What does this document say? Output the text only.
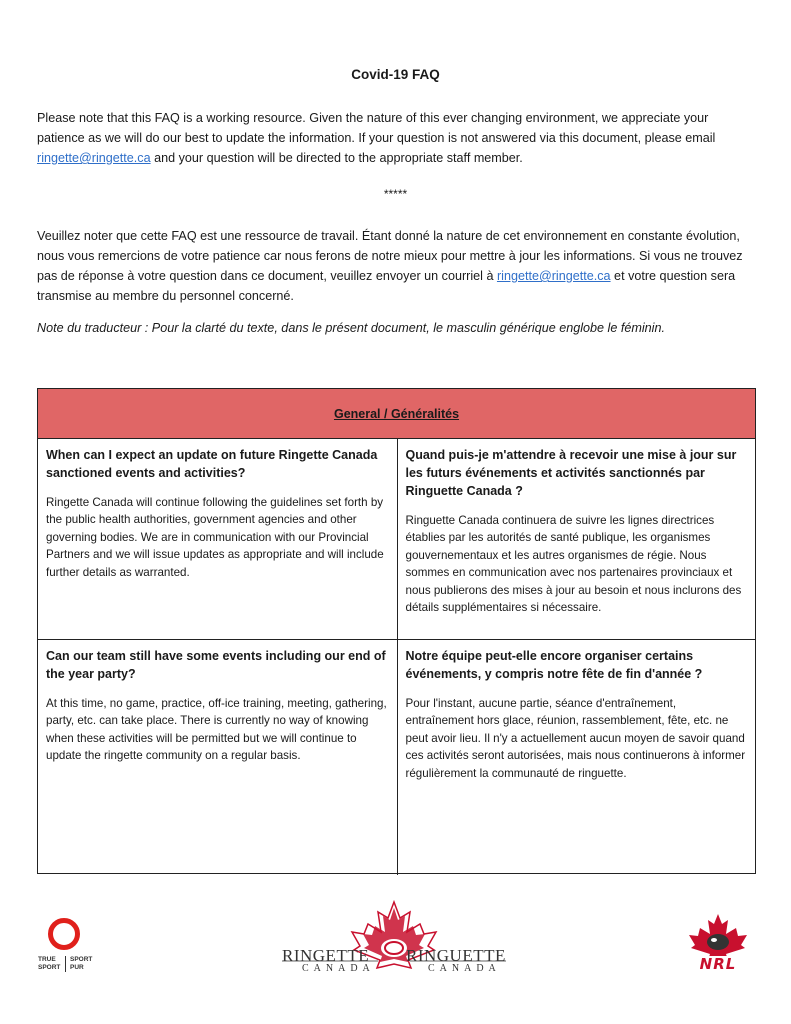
Covid-19 FAQ
Please note that this FAQ is a working resource. Given the nature of this ever changing environment, we appreciate your patience as we will do our best to update the information. If your question is not answered via this document, please email ringette@ringette.ca and your question will be directed to the appropriate staff member.
*****
Veuillez noter que cette FAQ est une ressource de travail. Étant donné la nature de cet environnement en constante évolution, nous vous remercions de votre patience car nous ferons de notre mieux pour mettre à jour les informations. Si vous ne trouvez pas de réponse à votre question dans ce document, veuillez envoyer un courriel à ringette@ringette.ca et votre question sera transmise au membre du personnel concerné.
Note du traducteur : Pour la clarté du texte, dans le présent document, le masculin générique englobe le féminin.
General / Généralités
When can I expect an update on future Ringette Canada sanctioned events and activities?
Ringette Canada will continue following the guidelines set forth by the public health authorities, government agencies and other governing bodies. We are in communication with our Provincial Partners and we will issue updates as appropriate and will include further details as warranted.
Quand puis-je m'attendre à recevoir une mise à jour sur les futurs événements et activités sanctionnés par Ringuette Canada ?
Ringuette Canada continuera de suivre les lignes directrices établies par les autorités de santé publique, les organismes gouvernementaux et les autres organismes de régie. Nous sommes en communication avec nos partenaires provinciaux et nous publierons des mises à jour au besoin et nous inclurons des détails supplémentaires si nécessaire.
Can our team still have some events including our end of the year party?
At this time, no game, practice, off-ice training, meeting, gathering, party, etc. can take place. There is currently no way of knowing when these activities will be permitted but we will continue to update the ringette community on a regular basis.
Notre équipe peut-elle encore organiser certains événements, y compris notre fête de fin d'année ?
Pour l'instant, aucune partie, séance d'entraînement, entraînement hors glace, réunion, rassemblement, fête, etc. ne peut avoir lieu. Il n'y a actuellement aucun moyen de savoir quand ces activités seront autorisées, mais nous continuerons à informer régulièrement la communauté de ringuette.
TRUE
SPORT
SPORT
PUR
RINGETTE RINGUETTE
CANADA	CANADA	NRL
